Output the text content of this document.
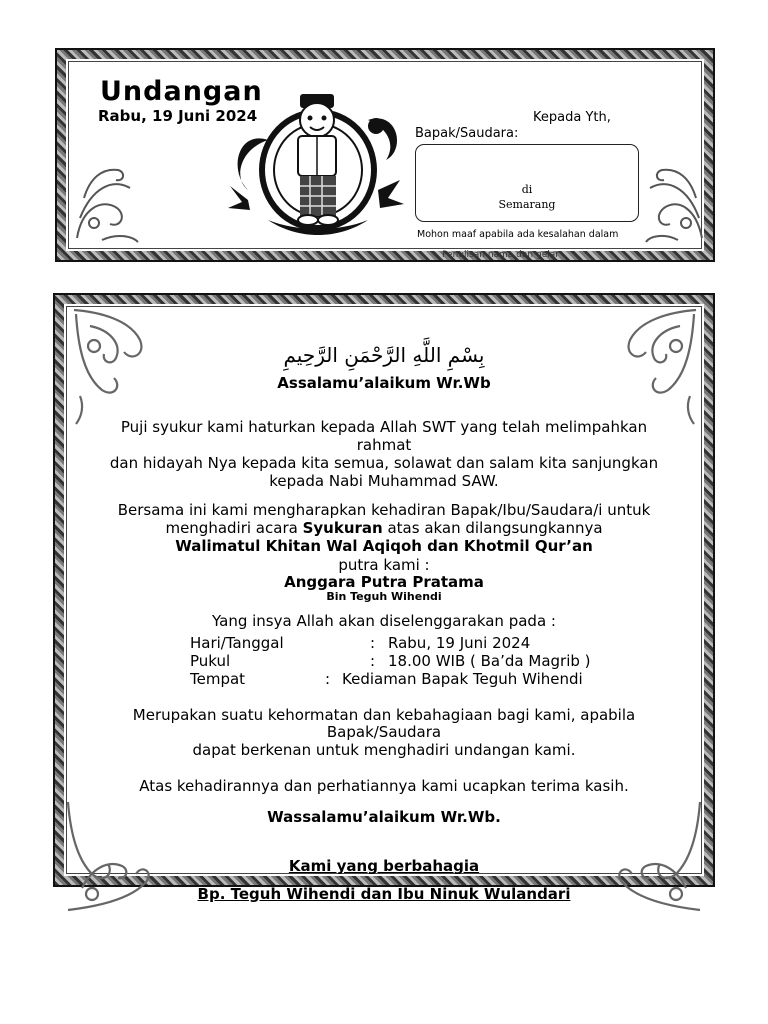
Undangan
Rabu, 19 Juni 2024	Kepada Yth,
Bapak/Saudara:
di
Semarang
Mohon maaf apabila ada kesalahan dalam
Penulisan nama dan gelar
بِسْمِ اللَّهِ الرَّحْمَنِ الرَّحِيمِ
Assalamu’alaikum Wr.Wb
Puji syukur kami haturkan kepada Allah SWT yang telah melimpahkan
rahmat
dan hidayah Nya kepada kita semua, solawat dan salam kita sanjungkan
kepada Nabi Muhammad SAW.
Bersama ini kami mengharapkan kehadiran Bapak/Ibu/Saudara/i untuk
menghadiri acara Syukuran atas akan dilangsungkannya
Walimatul Khitan Wal Aqiqoh dan Khotmil Qur’an
putra kami :
Anggara Putra Pratama
Bin Teguh Wihendi
Yang insya Allah akan diselenggarakan pada :
Hari/Tanggal	: Rabu, 19 Juni 2024
Pukul	: 18.00 WIB ( Ba’da Magrib )
Tempat	: Kediaman Bapak Teguh Wihendi
Merupakan suatu kehormatan dan kebahagiaan bagi kami, apabila
Bapak/Saudara
dapat berkenan untuk menghadiri undangan kami.
Atas kehadirannya dan perhatiannya kami ucapkan terima kasih.
Wassalamu’alaikum Wr.Wb.
Kami yang berbahagia
Bp. Teguh Wihendi dan Ibu Ninuk Wulandari
